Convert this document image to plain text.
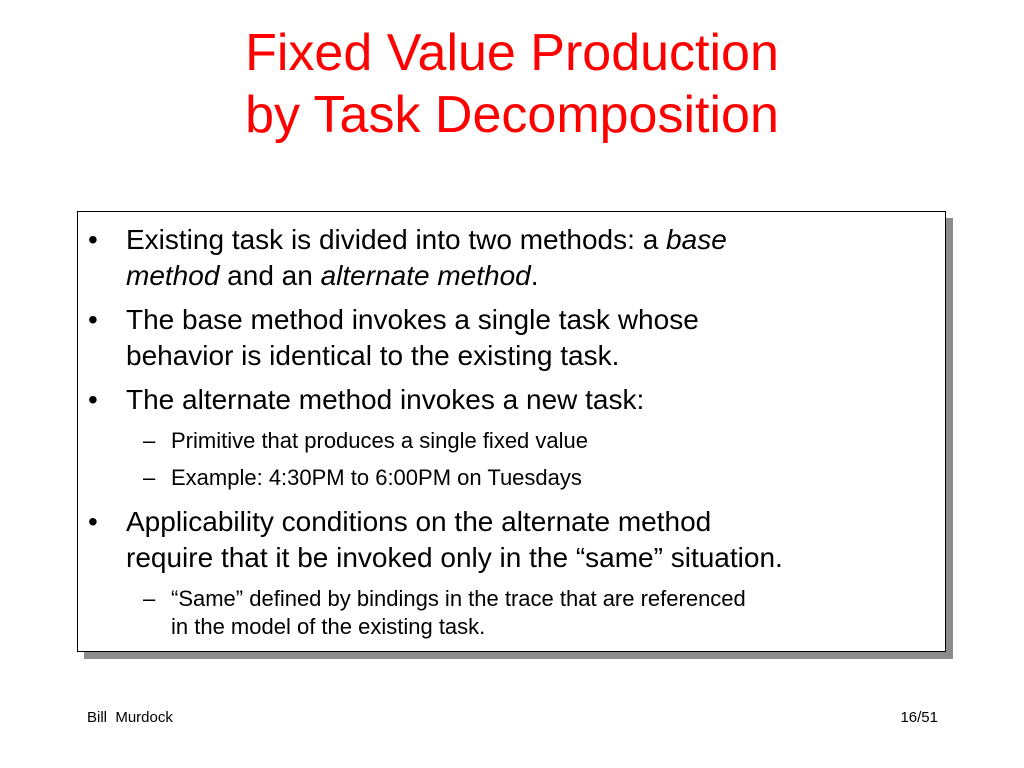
Fixed Value Production
by Task Decomposition
• Existing task is divided into two methods: a base
method and an alternate method.
• The base method invokes a single task whose
behavior is identical to the existing task.
• The alternate method invokes a new task:
– Primitive that produces a single fixed value
– Example: 4:30PM to 6:00PM on Tuesdays
• Applicability conditions on the alternate method
require that it be invoked only in the “same” situation.
– “Same” defined by bindings in the trace that are referenced
in the model of the existing task.
Bill  Murdock	16/51
